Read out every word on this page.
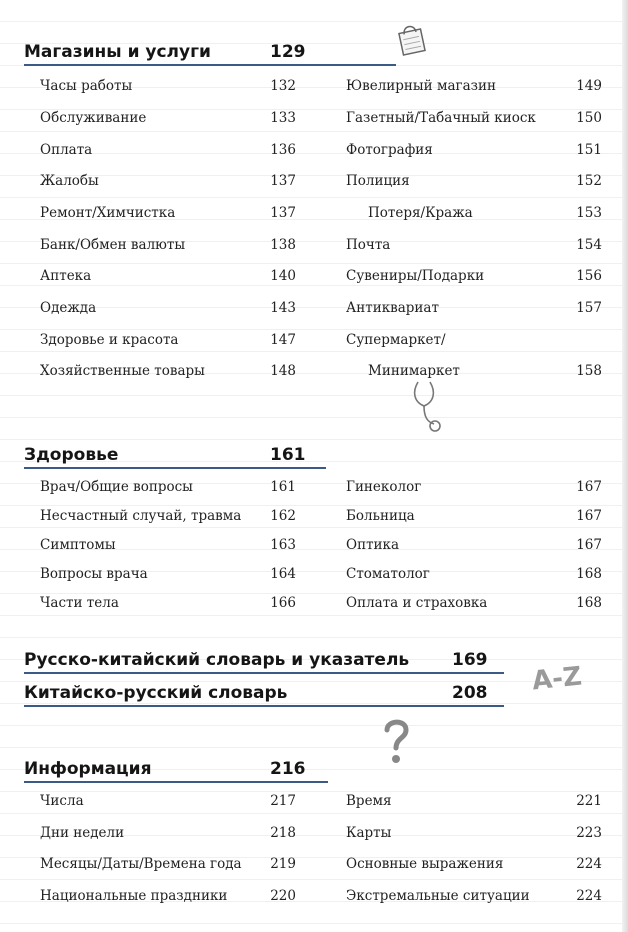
Магазины и услуги	129
Часы работы	132
Обслуживание	133
Оплата	136
Жалобы	137
Ремонт/Химчистка	137
Банк/Обмен валюты	138
Аптека	140
Одежда	143
Здоровье и красота	147
Хозяйственные товары	148
Ювелирный магазин	149
Газетный/Табачный киоск	150
Фотография	151
Полиция	152
Потеря/Кража	153
Почта	154
Сувениры/Подарки	156
Антиквариат	157
Супермаркет/
Минимаркет	158
Здоровье	161
Врач/Общие вопросы	161
Несчастный случай, травма	162
Симптомы	163
Вопросы врача	164
Части тела	166
Гинеколог	167
Больница	167
Оптика	167
Стоматолог	168
Оплата и страховка	168
Русско-китайский словарь и указатель	169
Китайско-русский словарь	208 A-Z
Информация	216
Числа	217
Дни недели	218
Месяцы/Даты/Времена года	219
Национальные праздники	220
Время	221
Карты	223
Основные выражения	224
Экстремальные ситуации	224
